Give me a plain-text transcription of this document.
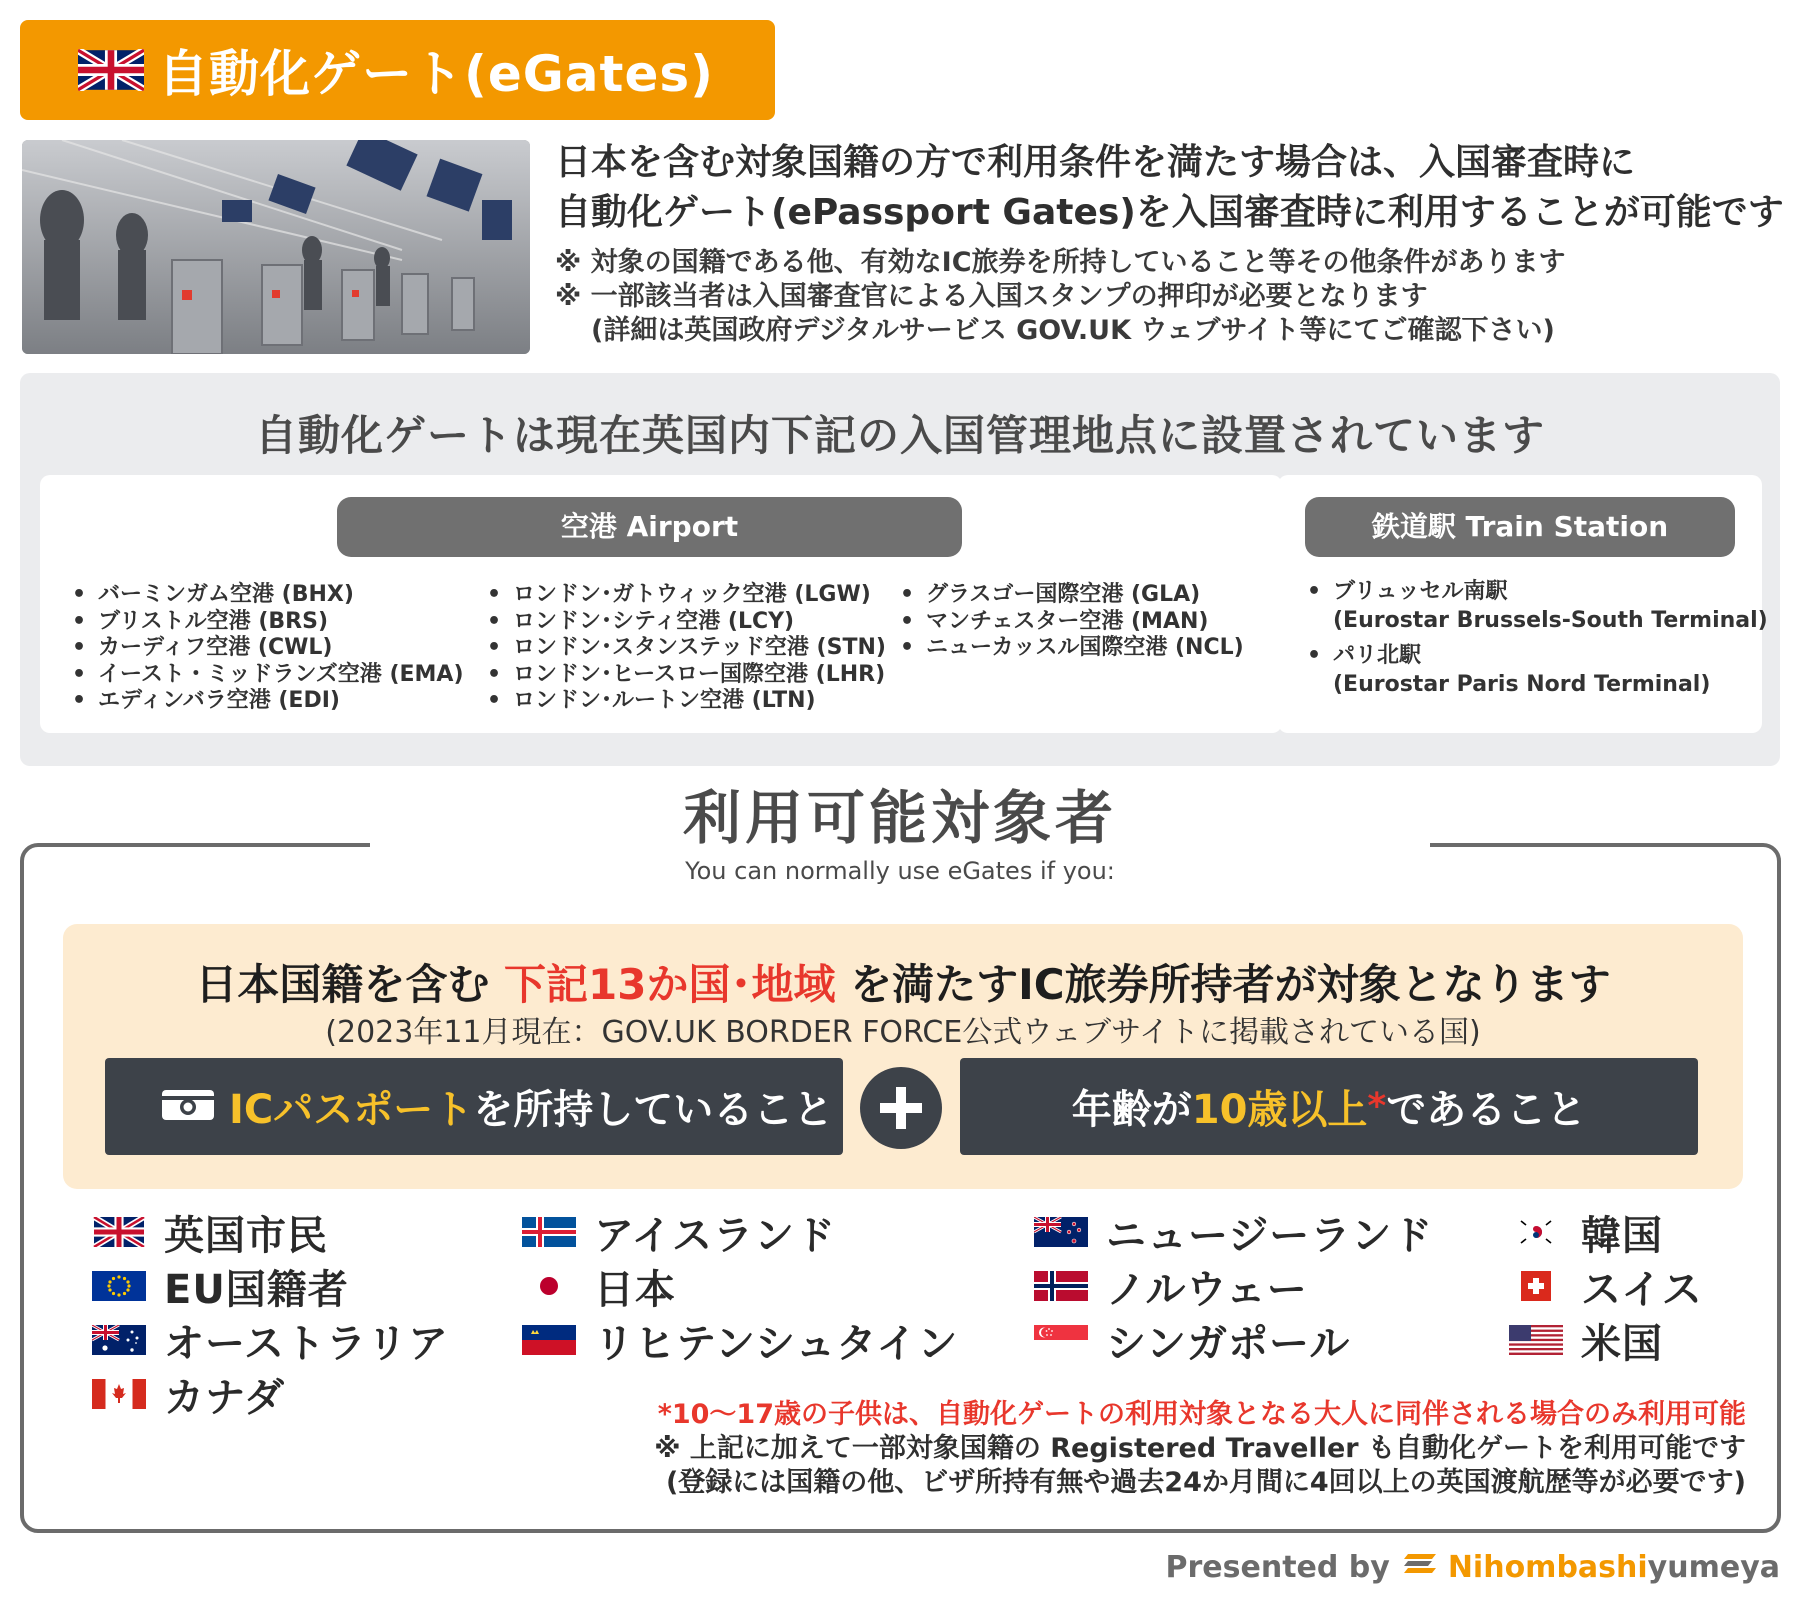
自動化ゲート(eGates)
日本を含む対象国籍の方で利用条件を満たす場合は、入国審査時に
自動化ゲート(ePassport Gates)を入国審査時に利用することが可能です
※ 対象の国籍である他、有効なIC旅券を所持していること等その他条件があります
※ 一部該当者は入国審査官による入国スタンプの押印が必要となります
(詳細は英国政府デジタルサービス GOV.UK ウェブサイト等にてご確認下さい)
自動化ゲートは現在英国内下記の入国管理地点に設置されています
空港 Airport
• バーミンガム空港 (BHX)
• ブリストル空港 (BRS)
• カーディフ空港 (CWL)
• イースト・ミッドランズ空港 (EMA)
• エディンバラ空港 (EDI)
• ロンドン･ガトウィック空港 (LGW)
• ロンドン･シティ空港 (LCY)
• ロンドン･スタンステッド空港 (STN)
• ロンドン･ヒースロー国際空港 (LHR)
• ロンドン･ルートン空港 (LTN)
• グラスゴー国際空港 (GLA)
• マンチェスター空港 (MAN)
• ニューカッスル国際空港 (NCL)
鉄道駅 Train Station
• ブリュッセル南駅
(Eurostar Brussels-South Terminal)
• パリ北駅
(Eurostar Paris Nord Terminal)
利用可能対象者
You can normally use eGates if you:
日本国籍を含む 下記13か国･地域 を満たすIC旅券所持者が対象となります
(2023年11月現在：GOV.UK BORDER FORCE公式ウェブサイトに掲載されている国)
ICパスポート を所持していること	年齢が 10歳以上 * であること
英国市民
EU国籍者
オーストラリア
カナダ
アイスランド
日本
リヒテンシュタイン
ニュージーランド
ノルウェー
シンガポール
韓国
スイス
米国
*10〜17歳の子供は、自動化ゲートの利用対象となる大人に同伴される場合のみ利用可能
※ 上記に加えて一部対象国籍の Registered Traveller も自動化ゲートを利用可能です
(登録には国籍の他、ビザ所持有無や過去24か月間に4回以上の英国渡航歴等が必要です)
Presented by Nihombashi yumeya
